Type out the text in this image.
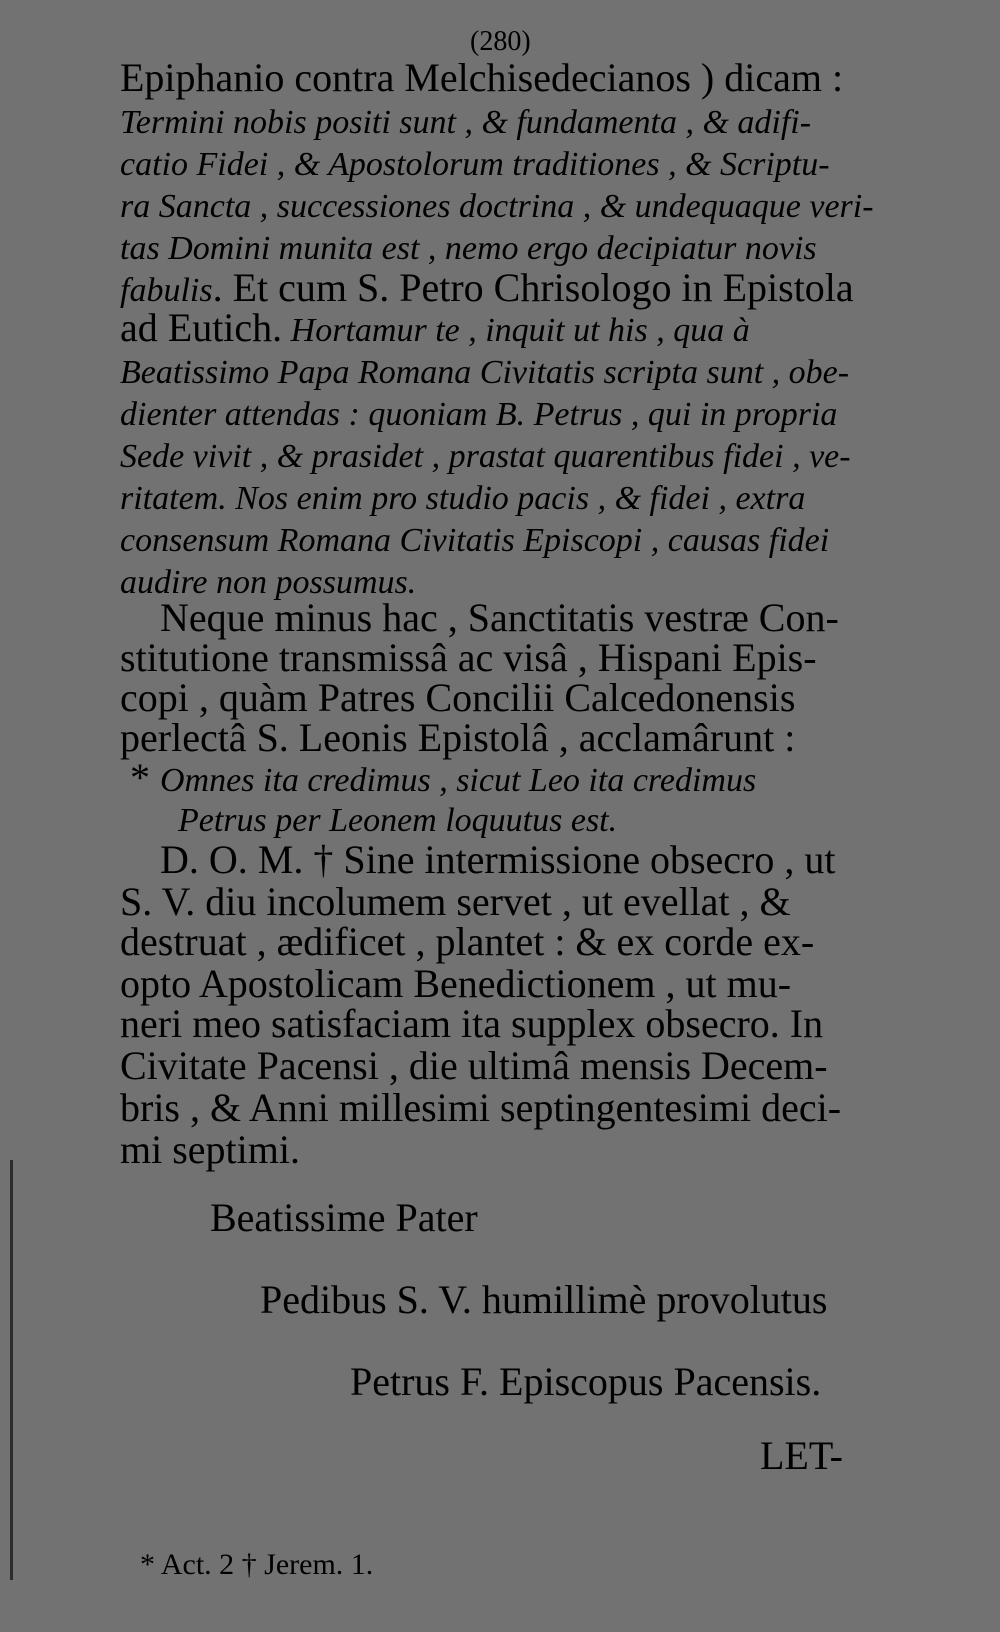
(280)
Epiphanio contra Melchisedecianos ) dicam :
Termini nobis positi sunt , & fundamenta , & adifi-
catio Fidei , & Apostolorum traditiones , & Scriptu-
ra Sancta , successiones doctrina , & undequaque veri-
tas Domini munita est , nemo ergo decipiatur novis
fabulis. Et cum S. Petro Chrisologo in Epistola
ad Eutich. Hortamur te , inquit ut his , qua à
Beatissimo Papa Romana Civitatis scripta sunt , obe-
dienter attendas : quoniam B. Petrus , qui in propria
Sede vivit , & prasidet , prastat quarentibus fidei , ve-
ritatem. Nos enim pro studio pacis , & fidei , extra
consensum Romana Civitatis Episcopi , causas fidei
audire non possumus.
Neque minus hac , Sanctitatis vestræ Con-
stitutione transmissâ ac visâ , Hispani Epis-
copi , quàm Patres Concilii Calcedonensis
perlectâ S. Leonis Epistolâ , acclamârunt :
* Omnes ita credimus , sicut Leo ita credimus
Petrus per Leonem loquutus est.
D. O. M. † Sine intermissione obsecro , ut
S. V. diu incolumem servet , ut evellat , &
destruat , ædificet , plantet : & ex corde ex-
opto Apostolicam Benedictionem , ut mu-
neri meo satisfaciam ita supplex obsecro. In
Civitate Pacensi , die ultimâ mensis Decem-
bris , & Anni millesimi septingentesimi deci-
mi septimi.
Beatissime Pater
Pedibus S. V. humillimè provolutus
Petrus F. Episcopus Pacensis.
LET-
* Act. 2 † Jerem. 1.
